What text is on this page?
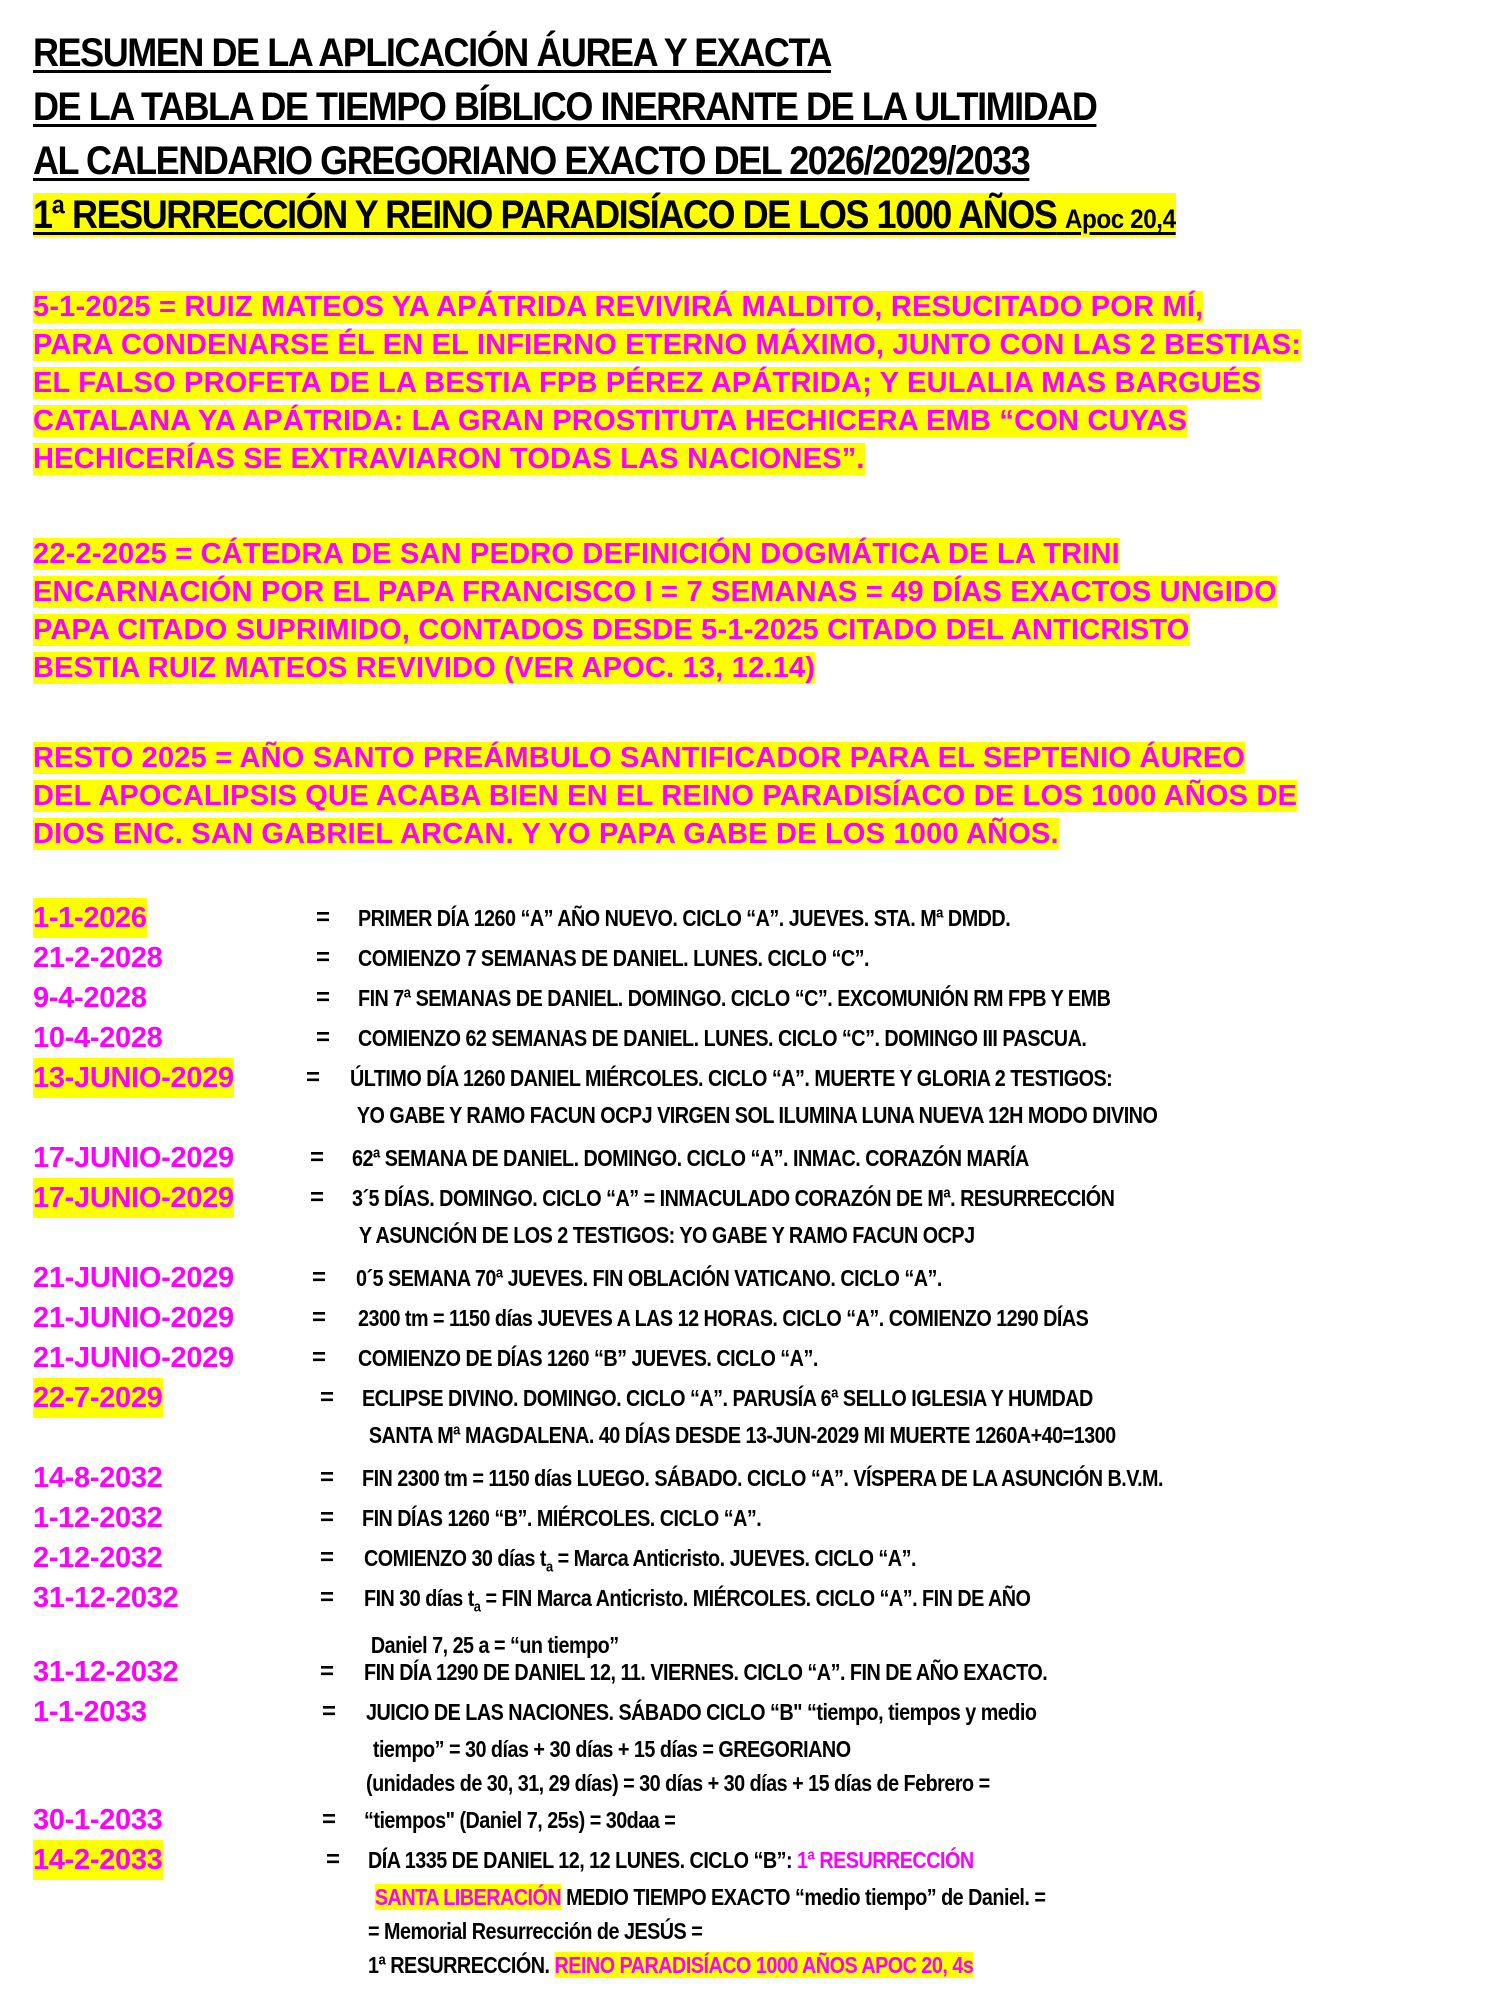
RESUMEN DE LA APLICACIÓN ÁUREA Y EXACTA
DE LA TABLA DE TIEMPO BÍBLICO INERRANTE DE LA ULTIMIDAD
AL CALENDARIO GREGORIANO EXACTO DEL 2026/2029/2033
1ª RESURRECCIÓN Y REINO PARADISÍACO DE LOS 1000 AÑOS Apoc 20,4
5-1-2025 = RUIZ MATEOS YA APÁTRIDA REVIVIRÁ MALDITO, RESUCITADO POR MÍ,
PARA CONDENARSE ÉL EN EL INFIERNO ETERNO MÁXIMO, JUNTO CON LAS 2 BESTIAS:
EL FALSO PROFETA DE LA BESTIA FPB PÉREZ APÁTRIDA; Y EULALIA MAS BARGUÉS
CATALANA YA APÁTRIDA: LA GRAN PROSTITUTA HECHICERA EMB “CON CUYAS
HECHICERÍAS SE EXTRAVIARON TODAS LAS NACIONES”.
22-2-2025 = CÁTEDRA DE SAN PEDRO DEFINICIÓN DOGMÁTICA DE LA TRINI
ENCARNACIÓN POR EL PAPA FRANCISCO I = 7 SEMANAS = 49 DÍAS EXACTOS UNGIDO
PAPA CITADO SUPRIMIDO, CONTADOS DESDE 5-1-2025 CITADO DEL ANTICRISTO
BESTIA RUIZ MATEOS REVIVIDO (VER APOC. 13, 12.14)
RESTO 2025 = AÑO SANTO PREÁMBULO SANTIFICADOR PARA EL SEPTENIO ÁUREO
DEL APOCALIPSIS QUE ACABA BIEN EN EL REINO PARADISÍACO DE LOS 1000 AÑOS DE
DIOS ENC. SAN GABRIEL ARCAN. Y YO PAPA GABE DE LOS 1000 AÑOS.
1-1-2026	= PRIMER DÍA 1260 “A” AÑO NUEVO. CICLO “A”. JUEVES. STA. Mª DMDD.
21-2-2028	= COMIENZO 7 SEMANAS DE DANIEL. LUNES. CICLO “C”.
9-4-2028	= FIN 7ª SEMANAS DE DANIEL. DOMINGO. CICLO “C”. EXCOMUNIÓN RM FPB Y EMB
10-4-2028	= COMIENZO 62 SEMANAS DE DANIEL. LUNES. CICLO “C”. DOMINGO III PASCUA.
13-JUNIO-2029	= ÚLTIMO DÍA 1260 DANIEL MIÉRCOLES. CICLO “A”. MUERTE Y GLORIA 2 TESTIGOS:
YO GABE Y RAMO FACUN OCPJ VIRGEN SOL ILUMINA LUNA NUEVA 12H MODO DIVINO
17-JUNIO-2029	= 62ª SEMANA DE DANIEL. DOMINGO. CICLO “A”. INMAC. CORAZÓN MARÍA
17-JUNIO-2029	= 3´5 DÍAS. DOMINGO. CICLO “A” = INMACULADO CORAZÓN DE Mª. RESURRECCIÓN
Y ASUNCIÓN DE LOS 2 TESTIGOS: YO GABE Y RAMO FACUN OCPJ
21-JUNIO-2029	= 0´5 SEMANA 70ª JUEVES. FIN OBLACIÓN VATICANO. CICLO “A”.
21-JUNIO-2029	= 2300 tm = 1150 días JUEVES A LAS 12 HORAS. CICLO “A”. COMIENZO 1290 DÍAS
21-JUNIO-2029	= COMIENZO DE DÍAS 1260 “B” JUEVES. CICLO “A”.
22-7-2029	= ECLIPSE DIVINO. DOMINGO. CICLO “A”. PARUSÍA 6ª SELLO IGLESIA Y HUMDAD
SANTA Mª MAGDALENA. 40 DÍAS DESDE 13-JUN-2029 MI MUERTE 1260A+40=1300
14-8-2032	= FIN 2300 tm = 1150 días LUEGO. SÁBADO. CICLO “A”. VÍSPERA DE LA ASUNCIÓN B.V.M.
1-12-2032	= FIN DÍAS 1260 “B”. MIÉRCOLES. CICLO “A”.
2-12-2032	= COMIENZO 30 días $t_a$ = Marca Anticristo. JUEVES. CICLO “A”.
31-12-2032	= FIN 30 días $t_a$ = FIN Marca Anticristo. MIÉRCOLES. CICLO “A”. FIN DE AÑO
Daniel 7, 25 a = “un tiempo”
31-12-2032	= FIN DÍA 1290 DE DANIEL 12, 11. VIERNES. CICLO “A”. FIN DE AÑO EXACTO.
1-1-2033	= JUICIO DE LAS NACIONES. SÁBADO CICLO “B" “tiempo, tiempos y medio
tiempo” = 30 días + 30 días + 15 días = GREGORIANO
(unidades de 30, 31, 29 días) = 30 días + 30 días + 15 días de Febrero =
30-1-2033	= “tiempos" (Daniel 7, 25s) = 30daa =
14-2-2033	= DÍA 1335 DE DANIEL 12, 12 LUNES. CICLO “B”: 1ª RESURRECCIÓN
SANTA LIBERACIÓN MEDIO TIEMPO EXACTO “medio tiempo” de Daniel. =
= Memorial Resurrección de JESÚS =
1ª RESURRECCIÓN. REINO PARADISÍACO 1000 AÑOS APOC 20, 4s
